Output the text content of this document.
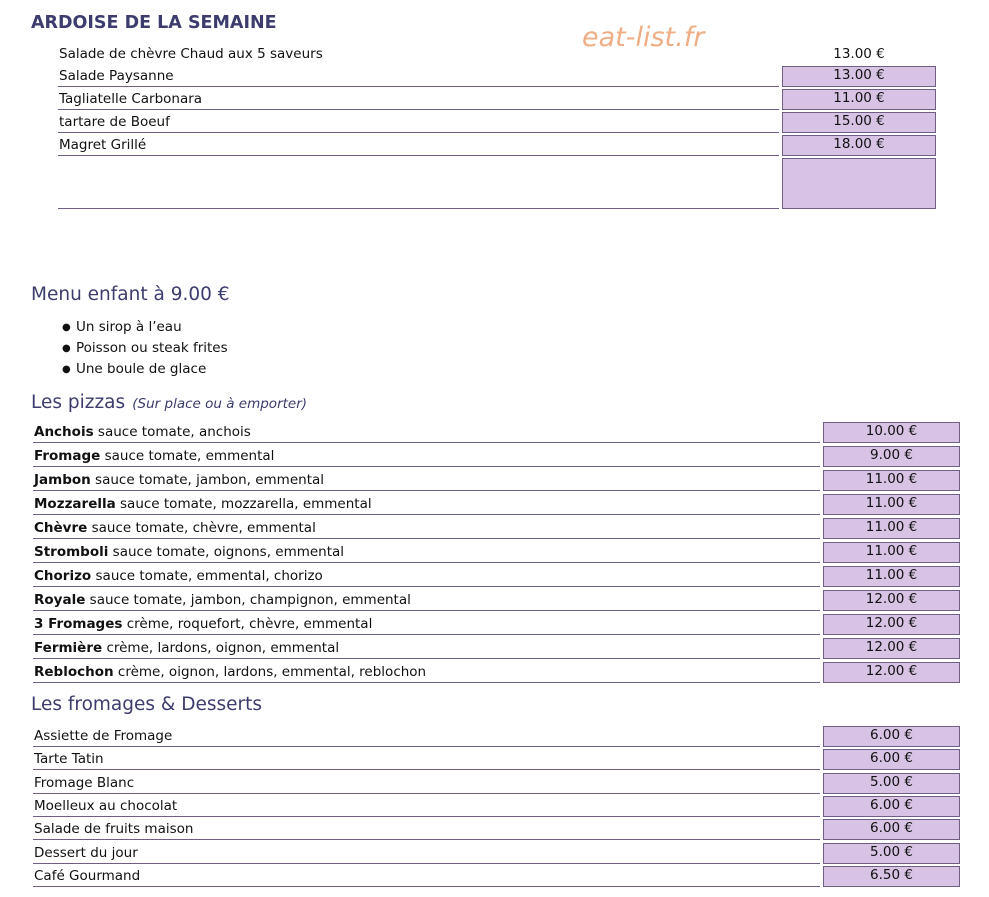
ARDOISE DE LA SEMAINE	eat-list.fr
Salade de chèvre Chaud aux 5 saveurs	13.00 €
Salade Paysanne	13.00 €
Tagliatelle Carbonara	11.00 €
tartare de Boeuf	15.00 €
Magret Grillé	18.00 €
Menu enfant à 9.00 €
● Un sirop à l’eau
● Poisson ou steak frites
● Une boule de glace
Les pizzas (Sur place ou à emporter)
Anchois sauce tomate, anchois	10.00 €
Fromage sauce tomate, emmental	9.00 €
Jambon sauce tomate, jambon, emmental	11.00 €
Mozzarella sauce tomate, mozzarella, emmental	11.00 €
Chèvre sauce tomate, chèvre, emmental	11.00 €
Stromboli sauce tomate, oignons, emmental	11.00 €
Chorizo sauce tomate, emmental, chorizo	11.00 €
Royale sauce tomate, jambon, champignon, emmental	12.00 €
3 Fromages crème, roquefort, chèvre, emmental	12.00 €
Fermière crème, lardons, oignon, emmental	12.00 €
Reblochon crème, oignon, lardons, emmental, reblochon	12.00 €
Les fromages & Desserts
Assiette de Fromage	6.00 €
Tarte Tatin	6.00 €
Fromage Blanc	5.00 €
Moelleux au chocolat	6.00 €
Salade de fruits maison	6.00 €
Dessert du jour	5.00 €
Café Gourmand	6.50 €
